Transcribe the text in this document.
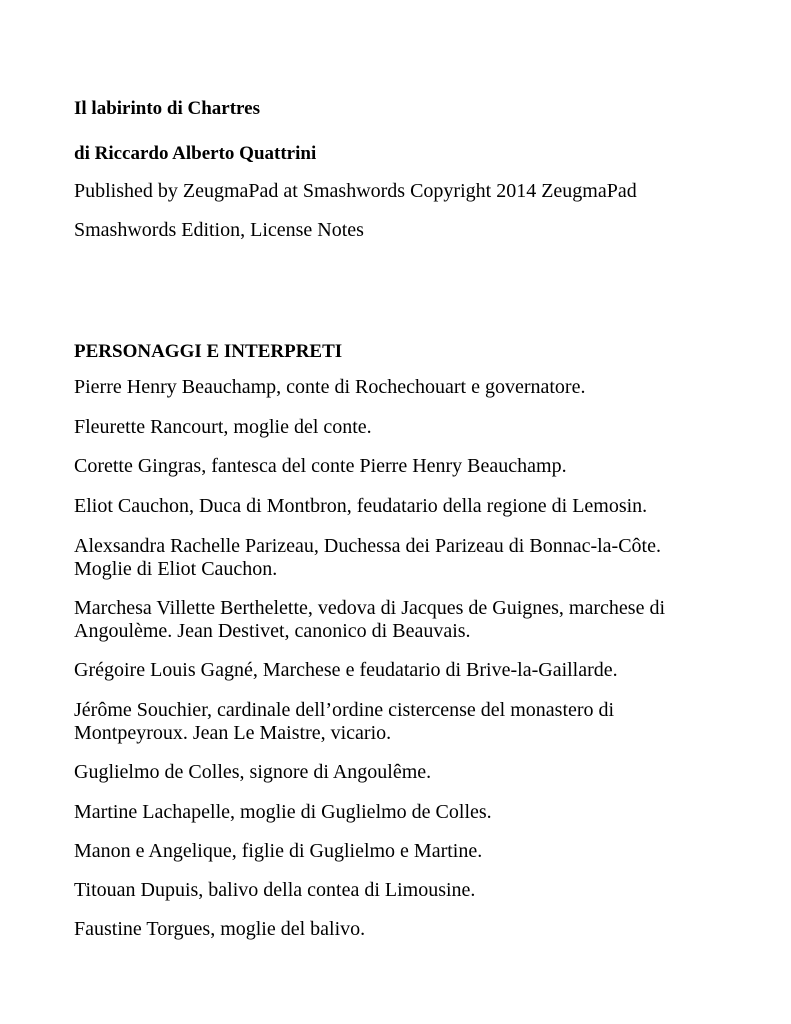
Il labirinto di Chartres
di Riccardo Alberto Quattrini
Published by ZeugmaPad at Smashwords Copyright 2014 ZeugmaPad
Smashwords Edition, License Notes
PERSONAGGI E INTERPRETI
Pierre Henry Beauchamp, conte di Rochechouart e governatore.
Fleurette Rancourt, moglie del conte.
Corette Gingras, fantesca del conte Pierre Henry Beauchamp.
Eliot Cauchon, Duca di Montbron, feudatario della regione di Lemosin.
Alexsandra Rachelle Parizeau, Duchessa dei Parizeau di Bonnac-la-Côte.
Moglie di Eliot Cauchon.
Marchesa Villette Berthelette, vedova di Jacques de Guignes, marchese di
Angoulème. Jean Destivet, canonico di Beauvais.
Grégoire Louis Gagné, Marchese e feudatario di Brive-la-Gaillarde.
Jérôme Souchier, cardinale dell’ordine cistercense del monastero di
Montpeyroux. Jean Le Maistre, vicario.
Guglielmo de Colles, signore di Angoulême.
Martine Lachapelle, moglie di Guglielmo de Colles.
Manon e Angelique, figlie di Guglielmo e Martine.
Titouan Dupuis, balivo della contea di Limousine.
Faustine Torgues, moglie del balivo.
